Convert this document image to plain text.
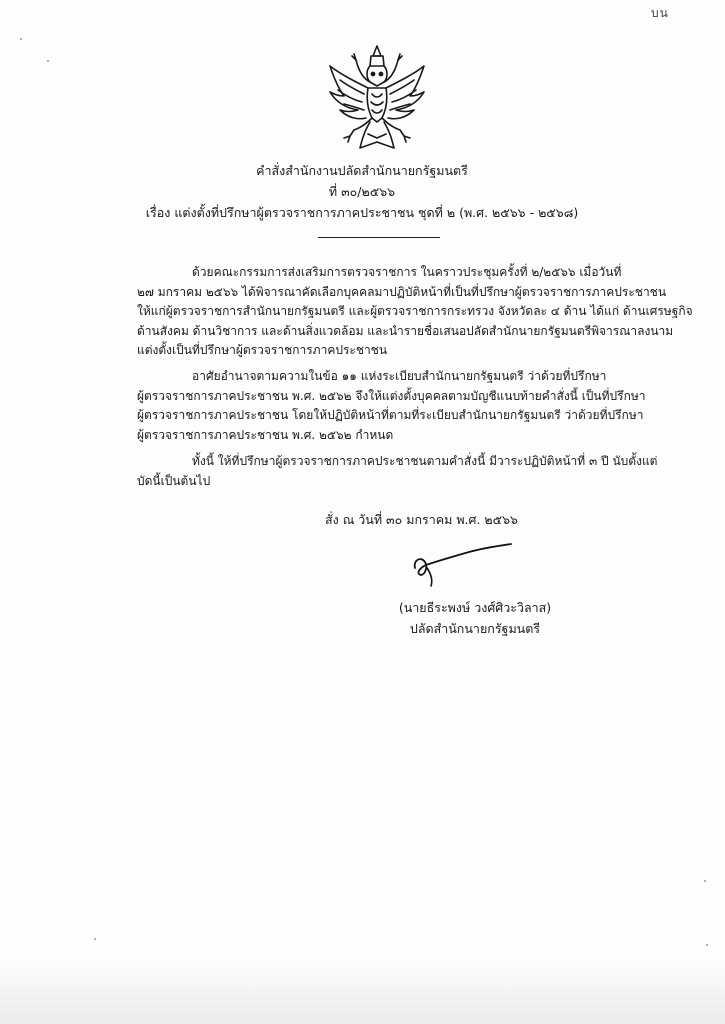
บน
คำสั่งสำนักงานปลัดสำนักนายกรัฐมนตรี
ที่ ๓๐/๒๕๖๖
เรื่อง แต่งตั้งที่ปรึกษาผู้ตรวจราชการภาคประชาชน ชุดที่ ๒ (พ.ศ. ๒๕๖๖ - ๒๕๖๘)
ด้วยคณะกรรมการส่งเสริมการตรวจราชการ ในคราวประชุมครั้งที่ ๒/๒๕๖๖ เมื่อวันที่
๒๗ มกราคม ๒๕๖๖ ได้พิจารณาคัดเลือกบุคคลมาปฏิบัติหน้าที่เป็นที่ปรึกษาผู้ตรวจราชการภาคประชาชน
ให้แก่ผู้ตรวจราชการสำนักนายกรัฐมนตรี และผู้ตรวจราชการกระทรวง จังหวัดละ ๔ ด้าน ได้แก่ ด้านเศรษฐกิจ
ด้านสังคม ด้านวิชาการ และด้านสิ่งแวดล้อม และนำรายชื่อเสนอปลัดสำนักนายกรัฐมนตรีพิจารณาลงนาม
แต่งตั้งเป็นที่ปรึกษาผู้ตรวจราชการภาคประชาชน
อาศัยอำนาจตามความในข้อ ๑๑ แห่งระเบียบสำนักนายกรัฐมนตรี ว่าด้วยที่ปรึกษา
ผู้ตรวจราชการภาคประชาชน พ.ศ. ๒๕๖๒ จึงให้แต่งตั้งบุคคลตามบัญชีแนบท้ายคำสั่งนี้ เป็นที่ปรึกษา
ผู้ตรวจราชการภาคประชาชน โดยให้ปฏิบัติหน้าที่ตามที่ระเบียบสำนักนายกรัฐมนตรี ว่าด้วยที่ปรึกษา
ผู้ตรวจราชการภาคประชาชน พ.ศ. ๒๕๖๒ กำหนด
ทั้งนี้ ให้ที่ปรึกษาผู้ตรวจราชการภาคประชาชนตามคำสั่งนี้ มีวาระปฏิบัติหน้าที่ ๓ ปี นับตั้งแต่
บัดนี้เป็นต้นไป
สั่ง ณ วันที่ ๓๐ มกราคม พ.ศ. ๒๕๖๖
(นายธีระพงษ์ วงศ์ศิวะวิลาส)
ปลัดสำนักนายกรัฐมนตรี
